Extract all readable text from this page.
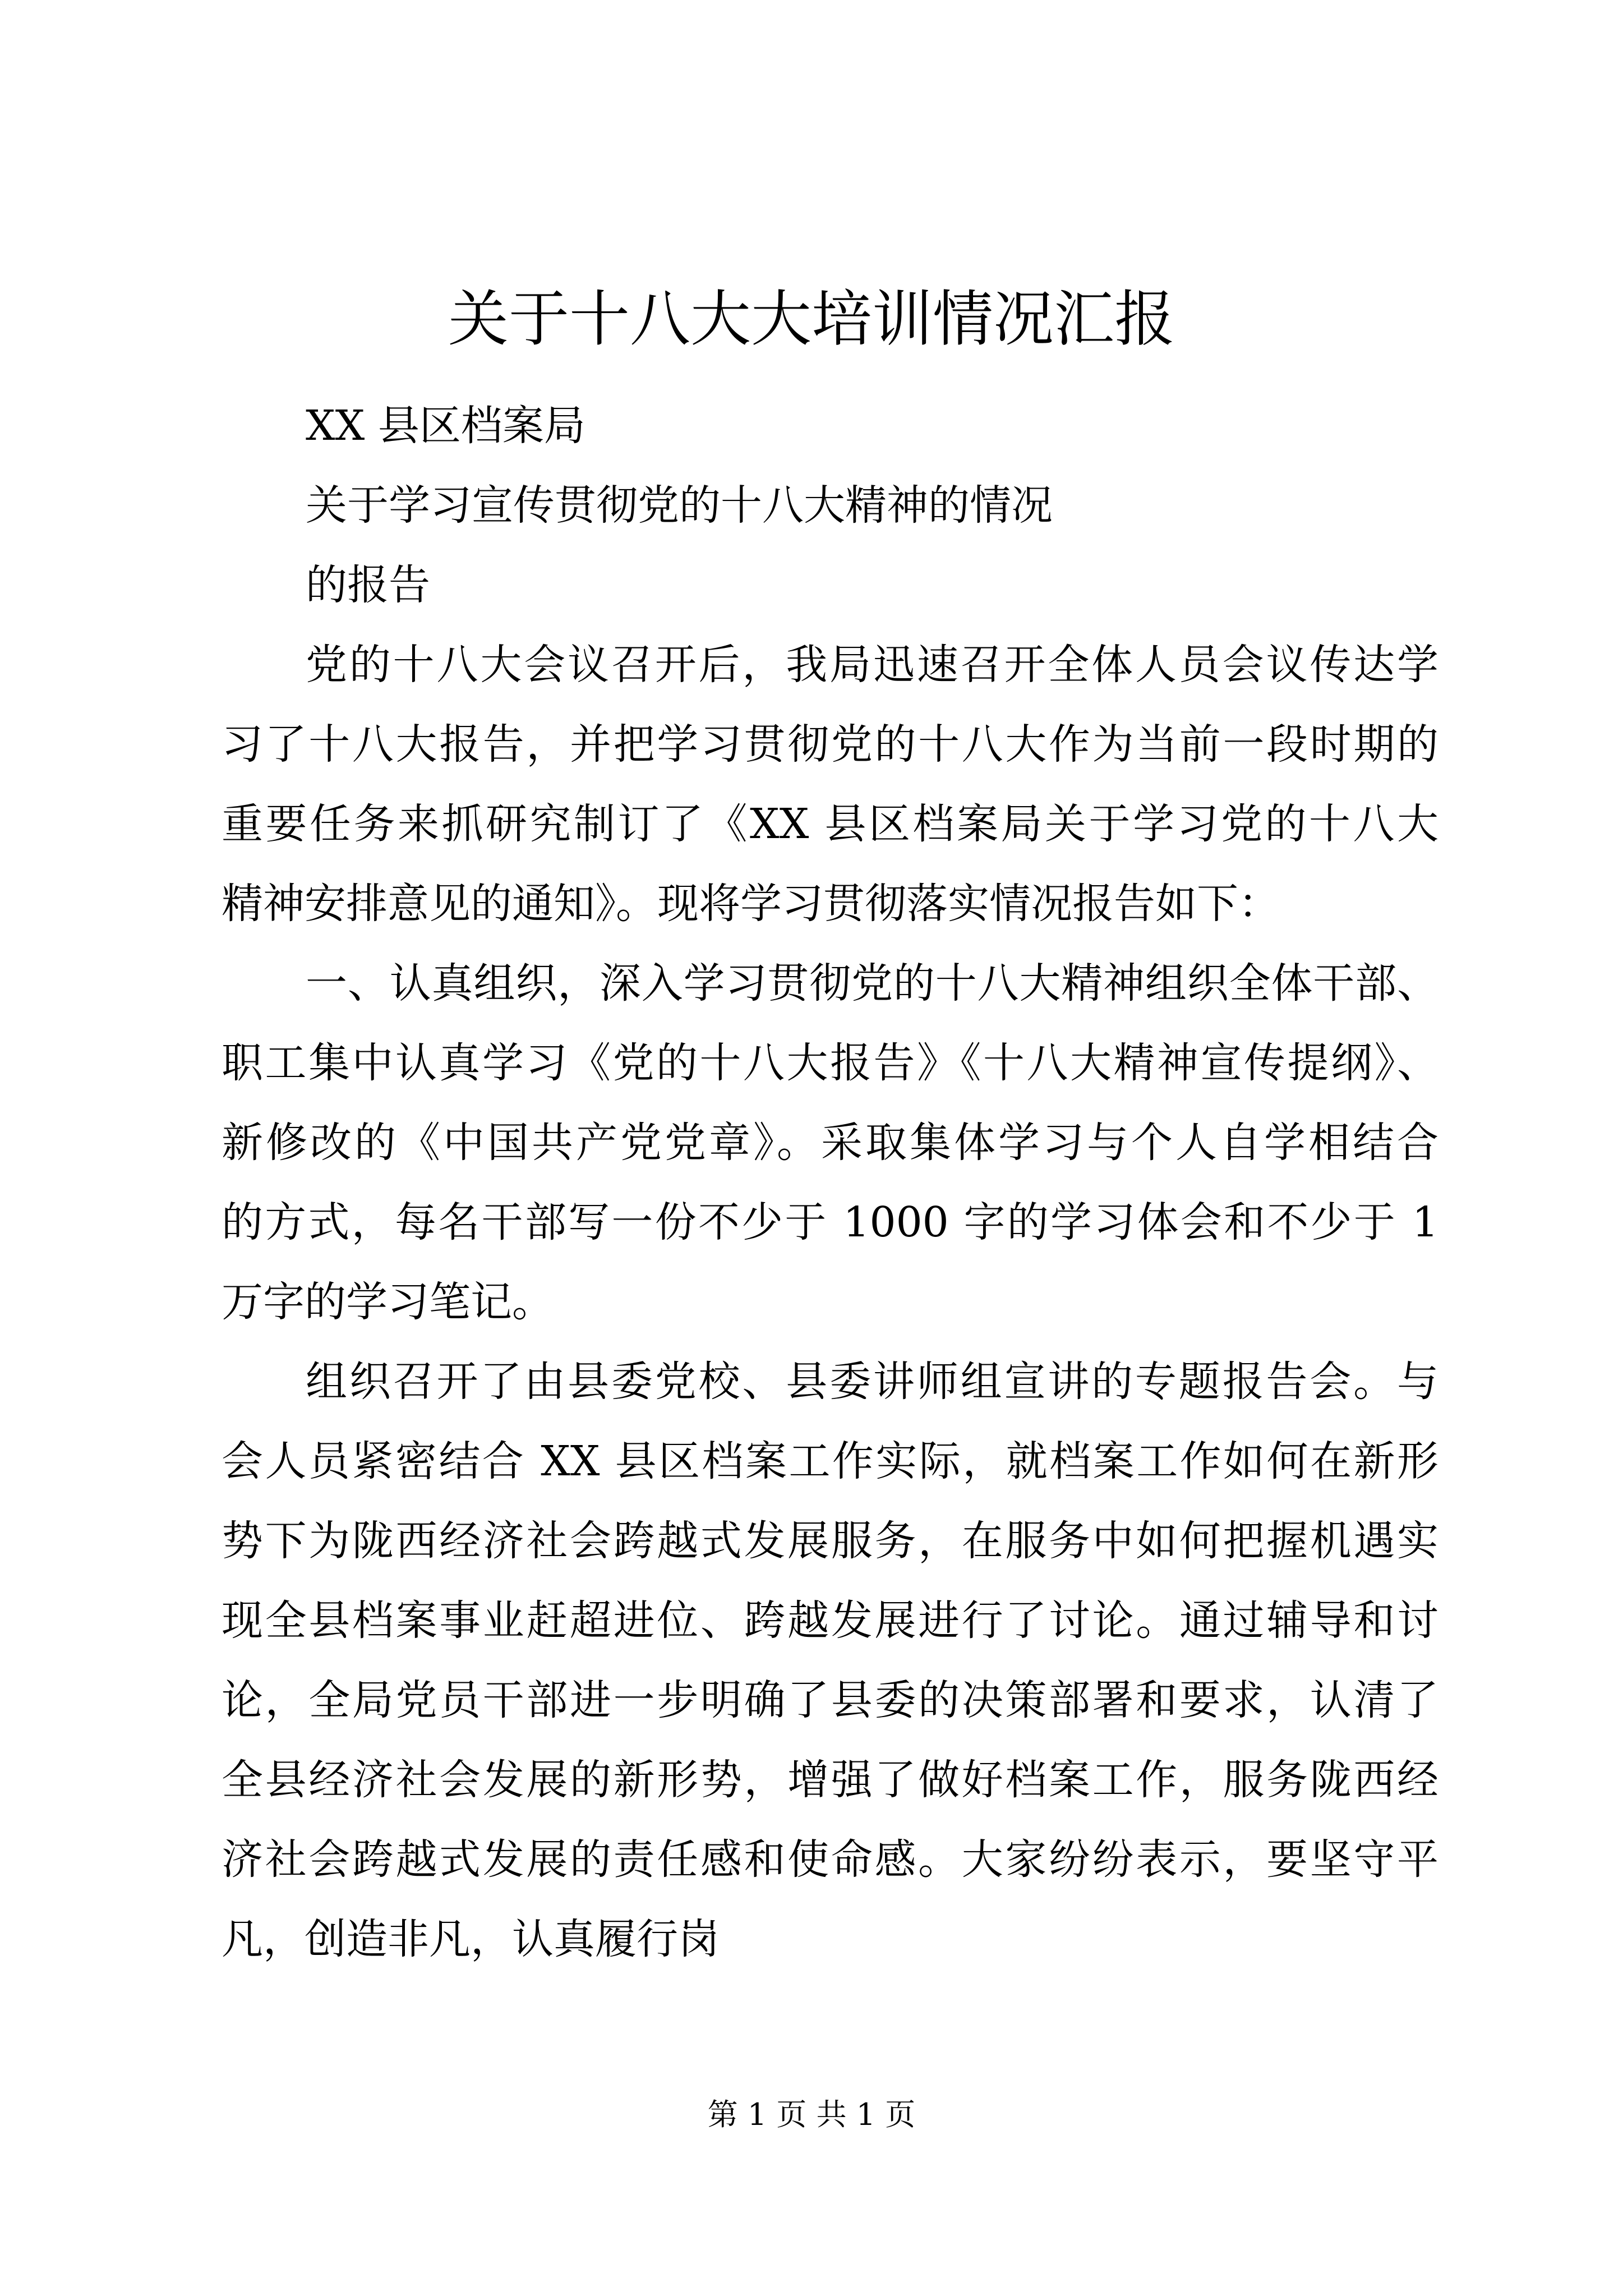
关于十八大大培训情况汇报
XX 县区档案局
关于学习宣传贯彻党的十八大精神的情况
的报告
党的十八大会议召开后，我局迅速召开全体人员会议传达学
习了十八大报告，并把学习贯彻党的十八大作为当前一段时期的
重要任务来抓研究制订了《XX 县区档案局关于学习党的十八大
精神安排意见的通知》。现将学习贯彻落实情况报告如下：
一、认真组织，深入学习贯彻党的十八大精神组织全体干部、
职工集中认真学习《党的十八大报告》《十八大精神宣传提纲》、
新修改的《中国共产党党章》。采取集体学习与个人自学相结合
的方式，每名干部写一份不少于 1000 字的学习体会和不少于 1
万字的学习笔记。
组织召开了由县委党校、县委讲师组宣讲的专题报告会。与
会人员紧密结合 XX 县区档案工作实际，就档案工作如何在新形
势下为陇西经济社会跨越式发展服务，在服务中如何把握机遇实
现全县档案事业赶超进位、跨越发展进行了讨论。通过辅导和讨
论，全局党员干部进一步明确了县委的决策部署和要求，认清了
全县经济社会发展的新形势，增强了做好档案工作，服务陇西经
济社会跨越式发展的责任感和使命感。大家纷纷表示，要坚守平
凡，创造非凡，认真履行岗
第 1 页 共 1 页
